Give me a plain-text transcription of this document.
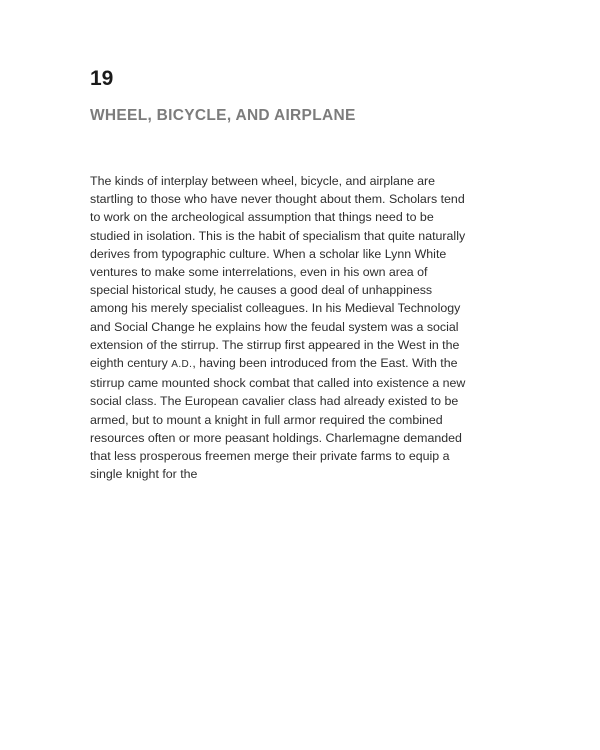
19
WHEEL, BICYCLE, AND AIRPLANE
The kinds of interplay between wheel, bicycle, and airplane are
startling to those who have never thought about them. Scholars tend
to work on the archeological assumption that things need to be
studied in isolation. This is the habit of specialism that quite naturally
derives from typographic culture. When a scholar like Lynn White
ventures to make some interrelations, even in his own area of
special historical study, he causes a good deal of unhappiness
among his merely specialist colleagues. In his Medieval Technology
and Social Change he explains how the feudal system was a social
extension of the stirrup. The stirrup first appeared in the West in the
eighth century A.D., having been introduced from the East. With the
stirrup came mounted shock combat that called into existence a new
social class. The European cavalier class had already existed to be
armed, but to mount a knight in full armor required the combined
resources often or more peasant holdings. Charlemagne demanded
that less prosperous freemen merge their private farms to equip a
single knight for the
